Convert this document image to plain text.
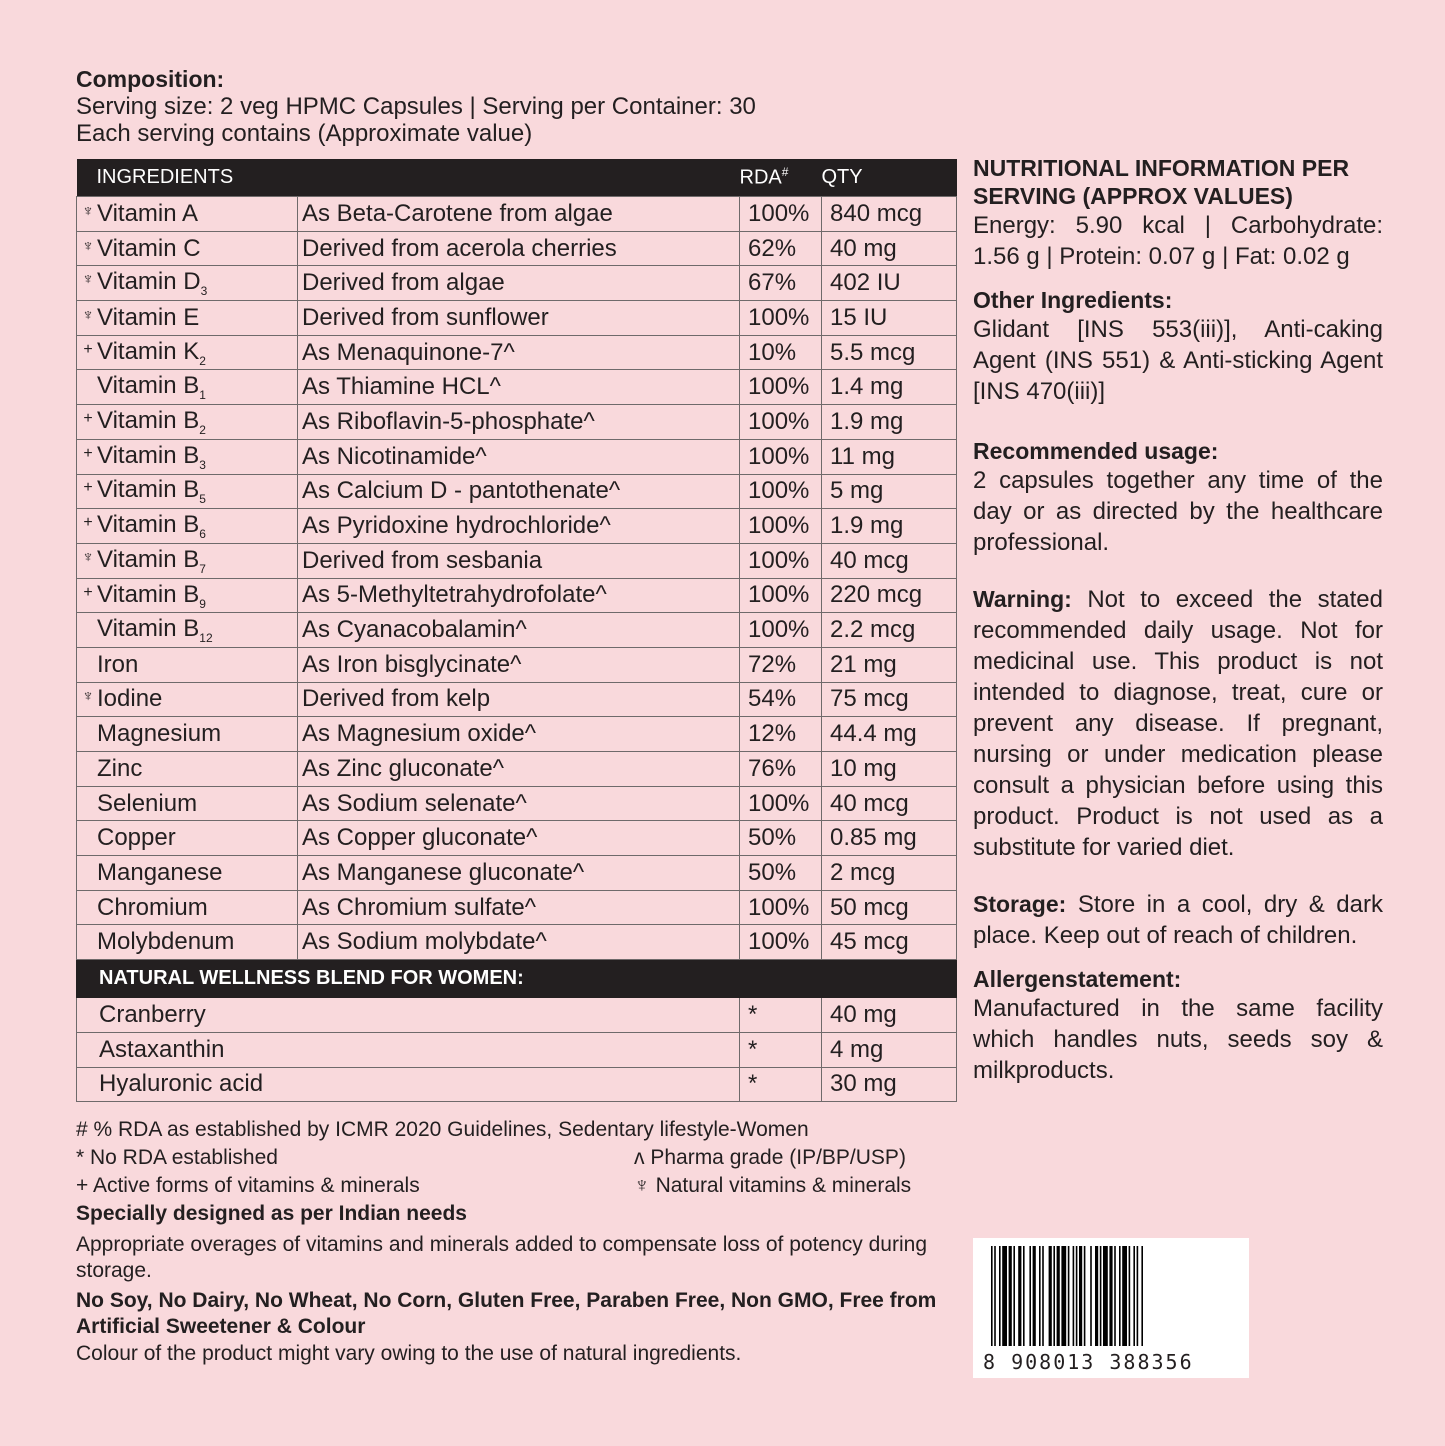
Composition:
Serving size: 2 veg HPMC Capsules | Serving per Container: 30
Each serving contains (Approximate value)
INGREDIENTS		RDA#	QTY
♆ Vitamin A	As Beta-Carotene from algae	100%	840 mcg
♆ Vitamin C	Derived from acerola cherries	62%	40 mg
♆ Vitamin $D_3$	Derived from algae	67%	402 IU
♆ Vitamin E	Derived from sunflower	100%	15 IU
+ Vitamin $K_2$	As Menaquinone-7^	10%	5.5 mcg
Vitamin $B_1$	As Thiamine HCL^	100%	1.4 mg
+ Vitamin $B_2$	As Riboflavin-5-phosphate^	100%	1.9 mg
+ Vitamin $B_3$	As Nicotinamide^	100%	11 mg
+ Vitamin $B_5$	As Calcium D - pantothenate^	100%	5 mg
+ Vitamin $B_6$	As Pyridoxine hydrochloride^	100%	1.9 mg
♆ Vitamin $B_7$	Derived from sesbania	100%	40 mcg
+ Vitamin $B_9$	As 5-Methyltetrahydrofolate^	100%	220 mcg
Vitamin $B_{12}$	As Cyanacobalamin^	100%	2.2 mcg
Iron	As Iron bisglycinate^	72%	21 mg
♆ Iodine	Derived from kelp	54%	75 mcg
Magnesium	As Magnesium oxide^	12%	44.4 mg
Zinc	As Zinc gluconate^	76%	10 mg
Selenium	As Sodium selenate^	100%	40 mcg
Copper	As Copper gluconate^	50%	0.85 mg
Manganese	As Manganese gluconate^	50%	2 mcg
Chromium	As Chromium sulfate^	100%	50 mcg
Molybdenum	As Sodium molybdate^	100%	45 mcg
NATURAL WELLNESS BLEND FOR WOMEN:			
Cranberry		*	40 mg
Astaxanthin		*	4 mg
Hyaluronic acid		*	30 mg
# % RDA as established by ICMR 2020 Guidelines, Sedentary lifestyle-Women
* No RDA established	ʌ Pharma grade (IP/BP/USP)
+ Active forms of vitamins & minerals	♆ Natural vitamins & minerals
Specially designed as per Indian needs
Appropriate overages of vitamins and minerals added to compensate loss of potency during storage.
No Soy, No Dairy, No Wheat, No Corn, Gluten Free, Paraben Free, Non GMO, Free from Artificial Sweetener & Colour
Colour of the product might vary owing to the use of natural ingredients.
NUTRITIONAL INFORMATION PER SERVING (APPROX VALUES)
Energy: 5.90 kcal | Carbohydrate: 1.56 g | Protein: 0.07 g | Fat: 0.02 g
Other Ingredients:
Glidant [INS 553(iii)], Anti-caking Agent (INS 551) & Anti-sticking Agent [INS 470(iii)]
Recommended usage:
2 capsules together any time of the day or as directed by the healthcare professional.
Warning: Not to exceed the stated recommended daily usage. Not for medicinal use. This product is not intended to diagnose, treat, cure or prevent any disease. If pregnant, nursing or under medication please consult a physician before using this product. Product is not used as a substitute for varied diet.
Storage: Store in a cool, dry & dark place. Keep out of reach of children.
Allergenstatement:
Manufactured in the same facility which handles nuts, seeds soy & milkproducts.
8 908013 388356
